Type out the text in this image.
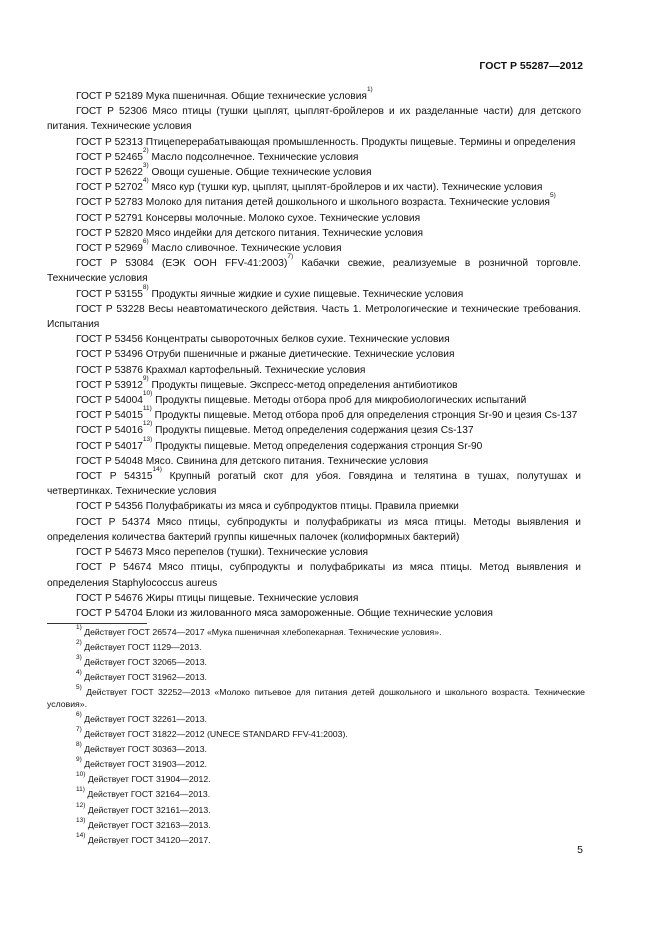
ГОСТ Р 55287—2012
ГОСТ Р 52189 Мука пшеничная. Общие технические условия$^{1)}$
ГОСТ Р 52306 Мясо птицы (тушки цыплят, цыплят-бройлеров и их разделанные части) для детского питания. Технические условия
ГОСТ Р 52313 Птицеперерабатывающая промышленность. Продукты пищевые. Термины и определения
ГОСТ Р 52465$^{2)}$ Масло подсолнечное. Технические условия
ГОСТ Р 52622$^{3)}$ Овощи сушеные. Общие технические условия
ГОСТ Р 52702$^{4)}$ Мясо кур (тушки кур, цыплят, цыплят-бройлеров и их части). Технические условия
ГОСТ Р 52783 Молоко для питания детей дошкольного и школьного возраста. Технические условия$^{5)}$
ГОСТ Р 52791 Консервы молочные. Молоко сухое. Технические условия
ГОСТ Р 52820 Мясо индейки для детского питания. Технические условия
ГОСТ Р 52969$^{6)}$ Масло сливочное. Технические условия
ГОСТ Р 53084 (ЕЭК ООН FFV-41:2003)$^{7)}$ Кабачки свежие, реализуемые в розничной торговле. Технические условия
ГОСТ Р 53155$^{8)}$ Продукты яичные жидкие и сухие пищевые. Технические условия
ГОСТ Р 53228 Весы неавтоматического действия. Часть 1. Метрологические и технические требования. Испытания
ГОСТ Р 53456 Концентраты сывороточных белков сухие. Технические условия
ГОСТ Р 53496 Отруби пшеничные и ржаные диетические. Технические условия
ГОСТ Р 53876 Крахмал картофельный. Технические условия
ГОСТ Р 53912$^{9)}$ Продукты пищевые. Экспресс-метод определения антибиотиков
ГОСТ Р 54004$^{10)}$ Продукты пищевые. Методы отбора проб для микробиологических испытаний
ГОСТ Р 54015$^{11)}$ Продукты пищевые. Метод отбора проб для определения стронция Sr-90 и цезия Cs-137
ГОСТ Р 54016$^{12)}$ Продукты пищевые. Метод определения содержания цезия Cs-137
ГОСТ Р 54017$^{13)}$ Продукты пищевые. Метод определения содержания стронция Sr-90
ГОСТ Р 54048 Мясо. Свинина для детского питания. Технические условия
ГОСТ Р 54315$^{14)}$ Крупный рогатый скот для убоя. Говядина и телятина в тушах, полутушах и четвертинках. Технические условия
ГОСТ Р 54356 Полуфабрикаты из мяса и субпродуктов птицы. Правила приемки
ГОСТ Р 54374 Мясо птицы, субпродукты и полуфабрикаты из мяса птицы. Методы выявления и определения количества бактерий группы кишечных палочек (колиформных бактерий)
ГОСТ Р 54673 Мясо перепелов (тушки). Технические условия
ГОСТ Р 54674 Мясо птицы, субпродукты и полуфабрикаты из мяса птицы. Метод выявления и определения Staphylococcus aureus
ГОСТ Р 54676 Жиры птицы пищевые. Технические условия
ГОСТ Р 54704 Блоки из жилованного мяса замороженные. Общие технические условия
$^{1)}$ Действует ГОСТ 26574—2017 «Мука пшеничная хлебопекарная. Технические условия».
$^{2)}$ Действует ГОСТ 1129—2013.
$^{3)}$ Действует ГОСТ 32065—2013.
$^{4)}$ Действует ГОСТ 31962—2013.
$^{5)}$ Действует ГОСТ 32252—2013 «Молоко питьевое для питания детей дошкольного и школьного возраста. Технические условия».
$^{6)}$ Действует ГОСТ 32261—2013.
$^{7)}$ Действует ГОСТ 31822—2012 (UNECE STANDARD FFV-41:2003).
$^{8)}$ Действует ГОСТ 30363—2013.
$^{9)}$ Действует ГОСТ 31903—2012.
$^{10)}$ Действует ГОСТ 31904—2012.
$^{11)}$ Действует ГОСТ 32164—2013.
$^{12)}$ Действует ГОСТ 32161—2013.
$^{13)}$ Действует ГОСТ 32163—2013.
$^{14)}$ Действует ГОСТ 34120—2017.
5
